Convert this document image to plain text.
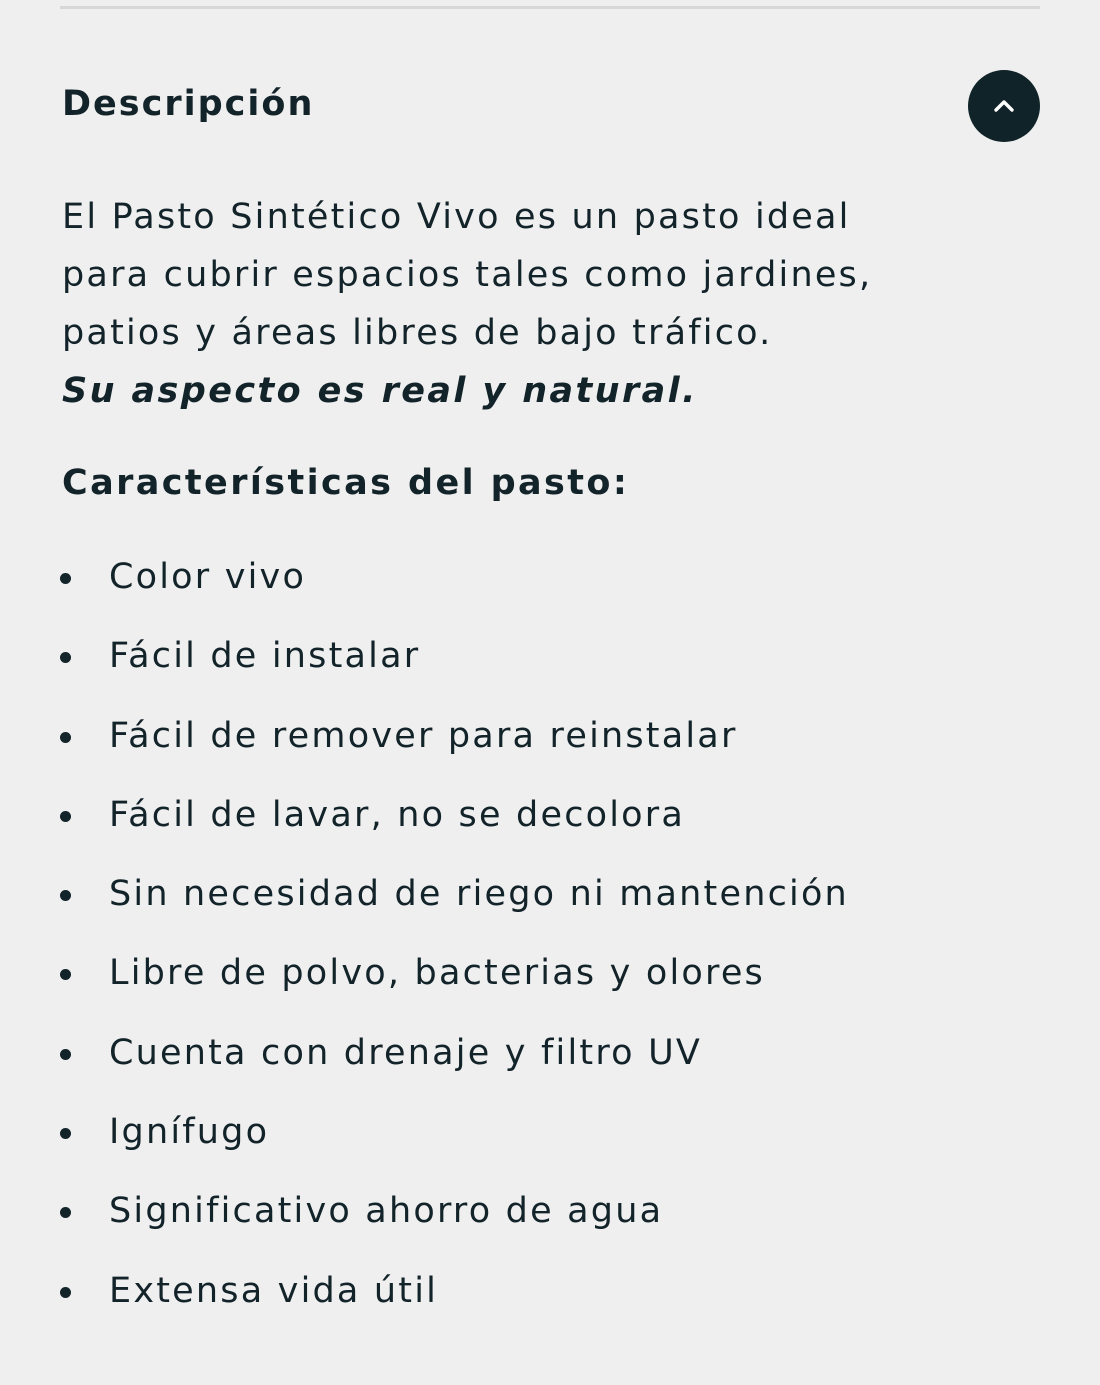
Descripción

El Pasto Sintético Vivo es un pasto ideal

para cubrir espacios tales como jardines,

patios y áreas libres de bajo tráfico.

Su aspecto es real y natural.

Características del pasto:
Color vivo
Fácil de instalar
Fácil de remover para reinstalar
Fácil de lavar, no se decolora
Sin necesidad de riego ni mantención
Libre de polvo, bacterias y olores
Cuenta con drenaje y filtro UV
Ignífugo
Significativo ahorro de agua
Extensa vida útil
